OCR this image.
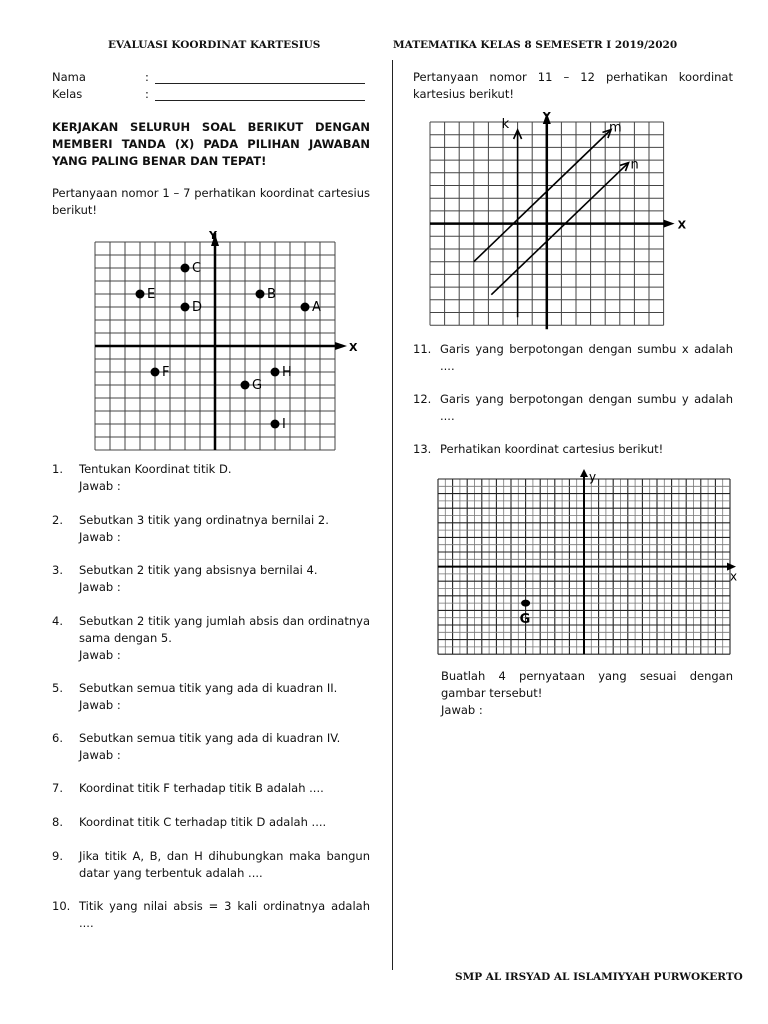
EVALUASI KOORDINAT KARTESIUS	MATEMATIKA KELAS 8 SEMESETR I 2019/2020
Nama	:
Kelas	:
KERJAKAN SELURUH SOAL BERIKUT DENGAN MEMBERI TANDA (X) PADA PILIHAN JAWABAN YANG PALING BENAR DAN TEPAT!
Pertanyaan nomor 1 – 7 perhatikan koordinat cartesius berikut!
Y
X
A
B
C
D
E
F
G
H
I
1. Tentukan Koordinat titik D.
Jawab :
2. Sebutkan 3 titik yang ordinatnya bernilai 2.
Jawab :
3. Sebutkan 2 titik yang absisnya bernilai 4.
Jawab :
4. Sebutkan 2 titik yang jumlah absis dan ordinatnya sama dengan 5.
Jawab :
5. Sebutkan semua titik yang ada di kuadran II.
Jawab :
6. Sebutkan semua titik yang ada di kuadran IV.
Jawab :
7. Koordinat titik F terhadap titik B adalah ....
8. Koordinat titik C terhadap titik D adalah ....
9. Jika titik A, B, dan H dihubungkan maka bangun datar yang terbentuk adalah ....
10. Titik yang nilai absis = 3 kali ordinatnya adalah ....
Pertanyaan nomor 11 – 12 perhatikan koordinat kartesius berikut!
Y
X
k	m
n
11. Garis yang berpotongan dengan sumbu x adalah ....
12. Garis yang berpotongan dengan sumbu y adalah ....
13. Perhatikan koordinat cartesius berikut!
y
x
G
Buatlah 4 pernyataan yang sesuai dengan gambar tersebut!
Jawab :
SMP AL IRSYAD AL ISLAMIYYAH PURWOKERTO
